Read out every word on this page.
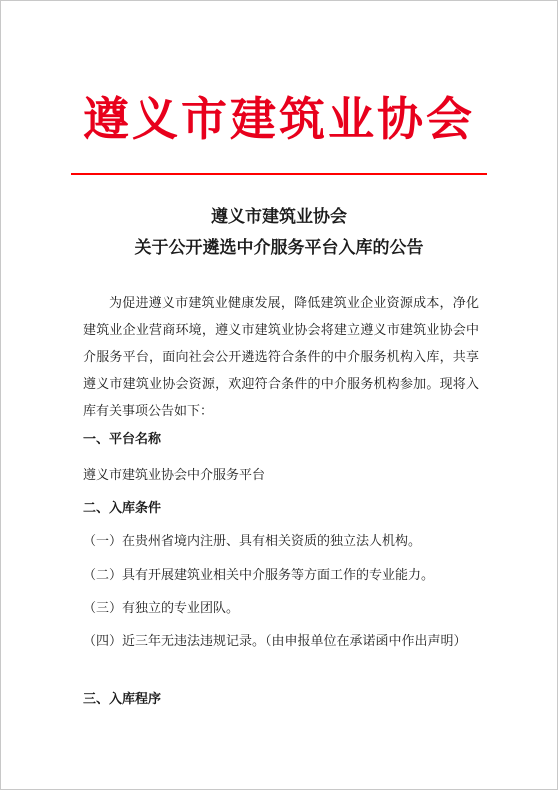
遵义市建筑业协会
遵义市建筑业协会
关于公开遴选中介服务平台入库的公告

为促进遵义市建筑业健康发展，降低建筑业企业资源成本，净化建筑业企业营商环境，遵义市建筑业协会将建立遵义市建筑业协会中介服务平台，面向社会公开遴选符合条件的中介服务机构入库，共享遵义市建筑业协会资源，欢迎符合条件的中介服务机构参加。现将入库有关事项公告如下：

一、平台名称
遵义市建筑业协会中介服务平台
二、入库条件
（一）在贵州省境内注册、具有相关资质的独立法人机构。
（二）具有开展建筑业相关中介服务等方面工作的专业能力。
（三）有独立的专业团队。

（四）近三年无违法违规记录。（由申报单位在承诺函中作出声明）

三、入库程序
